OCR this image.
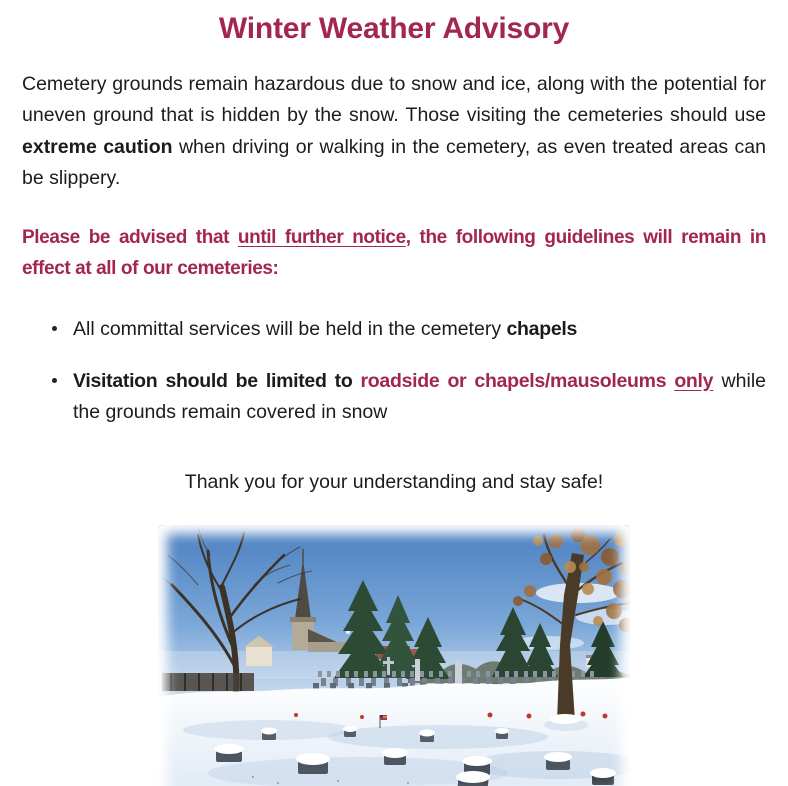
Winter Weather Advisory

Cemetery grounds remain hazardous due to snow and ice, along with the potential for uneven ground that is hidden by the snow. Those visiting the cemeteries should use extreme caution when driving or walking in the cemetery, as even treated areas can be slippery.

Please be advised that until further notice, the following guidelines will remain in effect at all of our cemeteries:

All committal services will be held in the cemetery chapels
Visitation should be limited to roadside or chapels/mausoleums only while the grounds remain covered in snow

Thank you for your understanding and stay safe!
